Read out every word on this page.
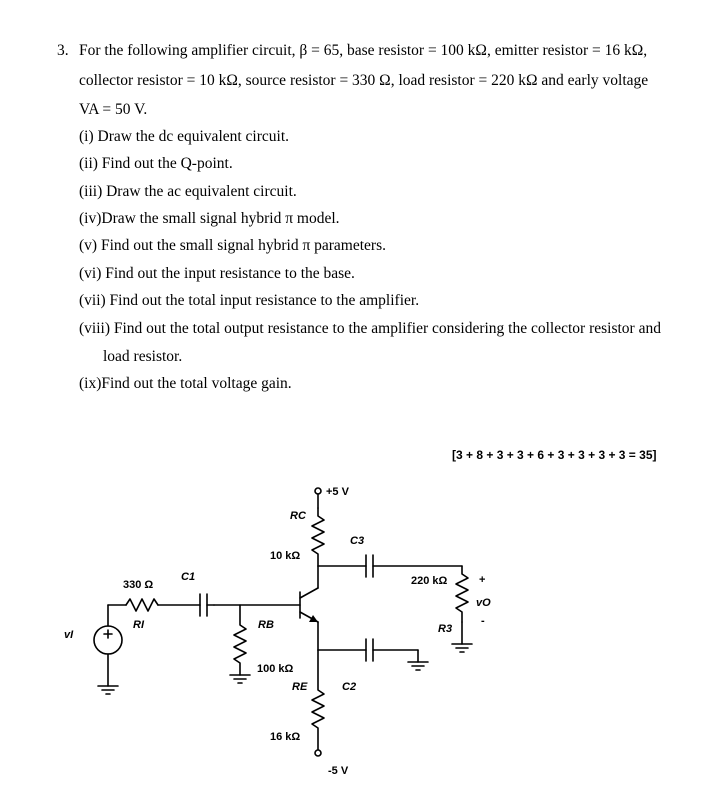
3. For the following amplifier circuit, β = 65, base resistor = 100 kΩ, emitter resistor = 16 kΩ,
collector resistor = 10 kΩ, source resistor = 330 Ω, load resistor = 220 kΩ and early voltage
VA = 50 V.
(i) Draw the dc equivalent circuit.
(ii) Find out the Q-point.
(iii) Draw the ac equivalent circuit.
(iv)Draw the small signal hybrid π model.
(v) Find out the small signal hybrid π parameters.
(vi) Find out the input resistance to the base.
(vii) Find out the total input resistance to the amplifier.
(viii) Find out the total output resistance to the amplifier considering the collector resistor and
load resistor.
(ix)Find out the total voltage gain.
[3 + 8 + 3 + 3 + 6 + 3 + 3 + 3 + 3 = 35]
+5 V
RC
10 kΩ
C3
330 Ω
RI
C1
RB
100 kΩ
RE
16 kΩ
-5 V
C2
220 kΩ
R3
vI
+
vO
-
